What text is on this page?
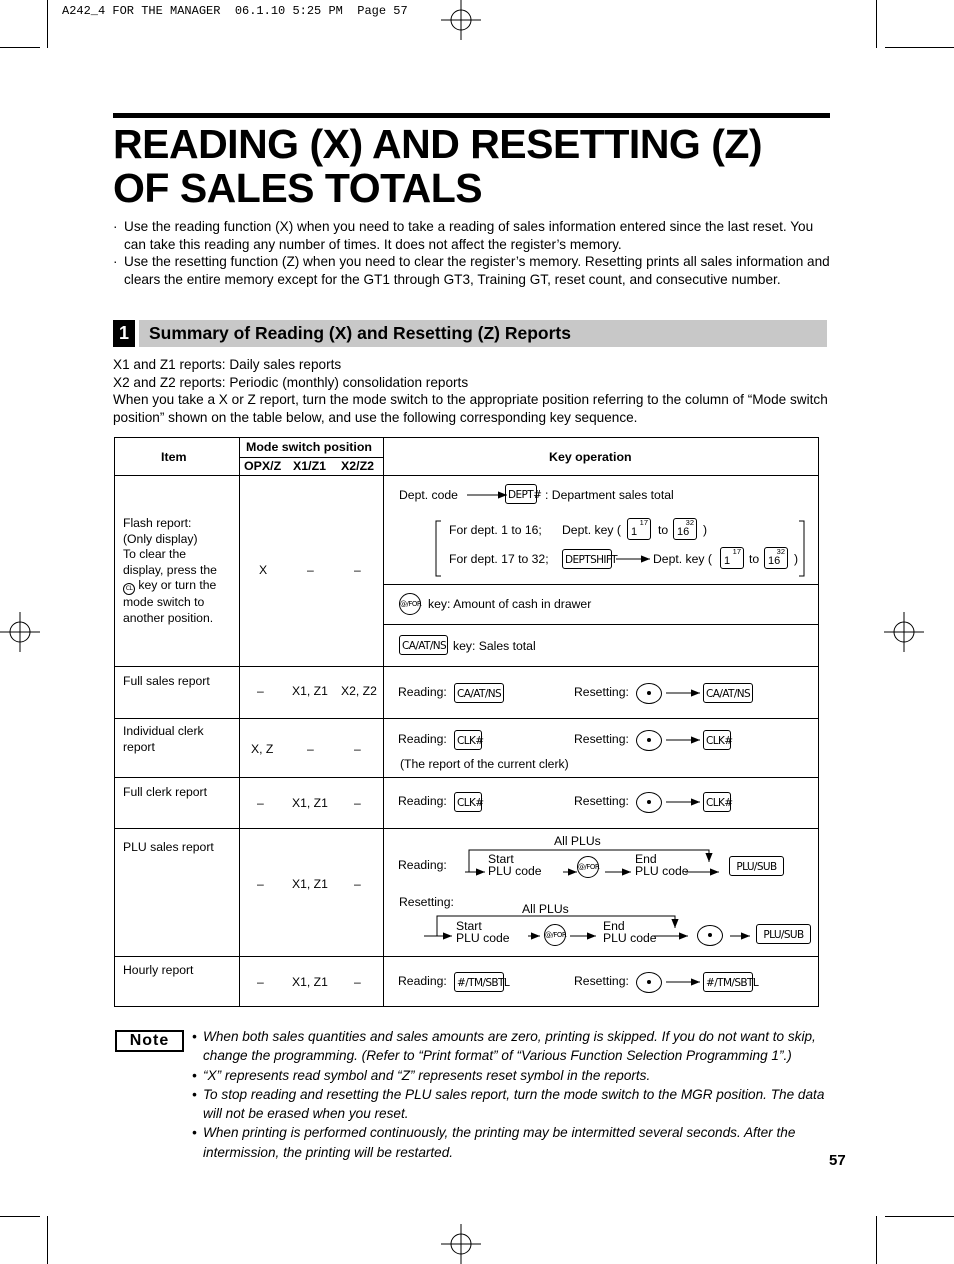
A242_4 FOR THE MANAGER  06.1.10 5:25 PM  Page 57
READING (X) AND RESETTING (Z)
OF SALES TOTALS
· Use the reading function (X) when you need to take a reading of sales information entered since the last reset. You can take this reading any number of times. It does not affect the register’s memory.
· Use the resetting function (Z) when you need to clear the register’s memory. Resetting prints all sales information and clears the entire memory except for the GT1 through GT3, Training GT, reset count, and consecutive number.
1	Summary of Reading (X) and Resetting (Z) Reports
X1 and Z1 reports: Daily sales reports
X2 and Z2 reports: Periodic (monthly) consolidation reports
When you take a X or Z report, turn the mode switch to the appropriate position referring to the column of “Mode switch position” shown on the table below, and use the following corresponding key sequence.
Item
Mode switch position
OPX/Z X1/Z1 X2/Z2
Key operation
Flash report:
(Only display)
To clear the
display, press the
CL key or turn the
mode switch to
another position.
X	–	–
Dept. code	DEPT# : Department sales total
For dept. 1 to 16; Dept. key ( 1
17
to 16
32
)
For dept. 17 to 32; DEPTSHIFT	Dept. key ( 1
17
to 16
32
)
@/FOR key: Amount of cash in drawer
CA/AT/NS key: Sales total
Full sales report
– X1, Z1 X2, Z2 Reading: CA/AT/NS	Resetting:	CA/AT/NS
Individual clerk
report	X, Z	–	–
Reading: CLK#	Resetting:	CLK#
(The report of the current clerk)
Full clerk report
– X1, Z1 –	Reading: CLK#	Resetting:	CLK#
PLU sales report
– X1, Z1 –
All PLUs
Reading:	Start
PLU code	@/FOR
End
PLU code	PLU/SUB
Resetting:	All PLUs
Start
PLU code	@/FOR
End
PLU code	PLU/SUB
Hourly report
– X1, Z1 –	Reading: #/TM/SBTL	Resetting:	#/TM/SBTL
Note
•	When both sales quantities and sales amounts are zero, printing is skipped. If you do not want to skip, change the programming. (Refer to “Print format” of “Various Function Selection Programming 1”.)
• “X” represents read symbol and “Z” represents reset symbol in the reports.
• To stop reading and resetting the PLU sales report, turn the mode switch to the MGR position. The data will not be erased when you reset.
• When printing is performed continuously, the printing may be intermitted several seconds. After the intermission, the printing will be restarted.	57
